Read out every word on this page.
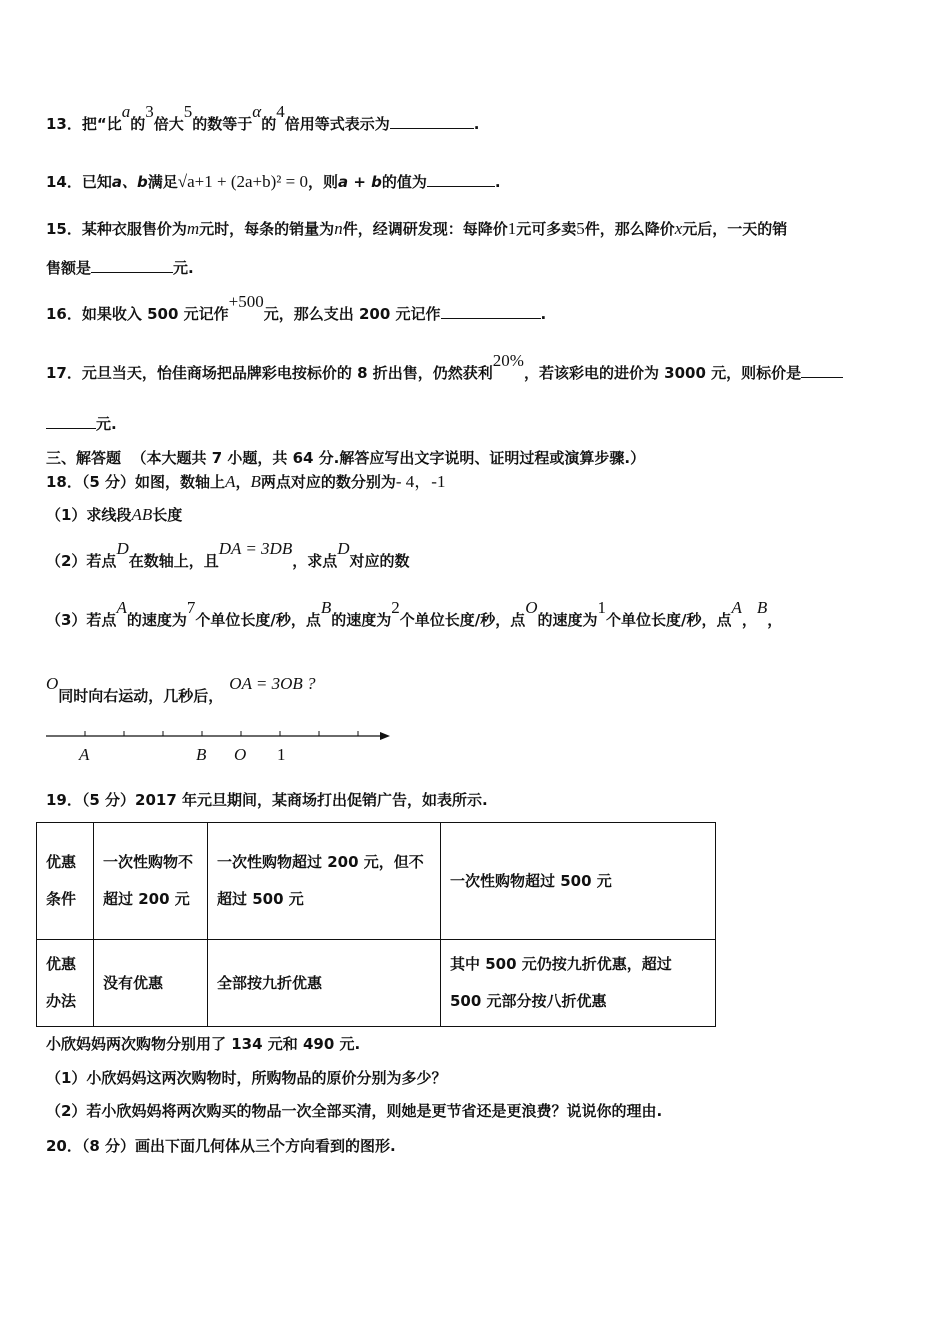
13．把“比a的3倍大5的数等于α的4倍用等式表示为	.
14．已知a、b满足√a+1 + (2a+b)² = 0，则a + b的值为	.
15．某种衣服售价为m元时，每条的销量为n件，经调研发现：每降价1元可多卖5件，那么降价x元后，一天的销
售额是	元.
16．如果收入 500 元记作+500元，那么支出 200 元记作	.
17．元旦当天，怡佳商场把品牌彩电按标价的 8 折出售，仍然获利20%，若该彩电的进价为 3000 元，则标价是
元.
三、解答题 （本大题共 7 小题，共 64 分.解答应写出文字说明、证明过程或演算步骤.）
18．（5 分）如图，数轴上A，B两点对应的数分别为- 4，-1
（1）求线段AB长度
（2）若点D在数轴上，且DA = 3DB，求点D对应的数
（3）若点A的速度为7个单位长度/秒，点B的速度为2个单位长度/秒，点O的速度为1个单位长度/秒，点A，B，
O同时向右运动，几秒后，OA = 3OB ?
A	B O 1
19．（5 分）2017 年元旦期间，某商场打出促销广告，如表所示.
优惠条件	一次性购物不超过 200 元	一次性购物超过 200 元，但不超过 500 元	一次性购物超过 500 元
优惠办法	没有优惠	全部按九折优惠	其中 500 元仍按九折优惠，超过 500 元部分按八折优惠
小欣妈妈两次购物分别用了 134 元和 490 元.
（1）小欣妈妈这两次购物时，所购物品的原价分别为多少？
（2）若小欣妈妈将两次购买的物品一次全部买清，则她是更节省还是更浪费？说说你的理由.
20．（8 分）画出下面几何体从三个方向看到的图形.
